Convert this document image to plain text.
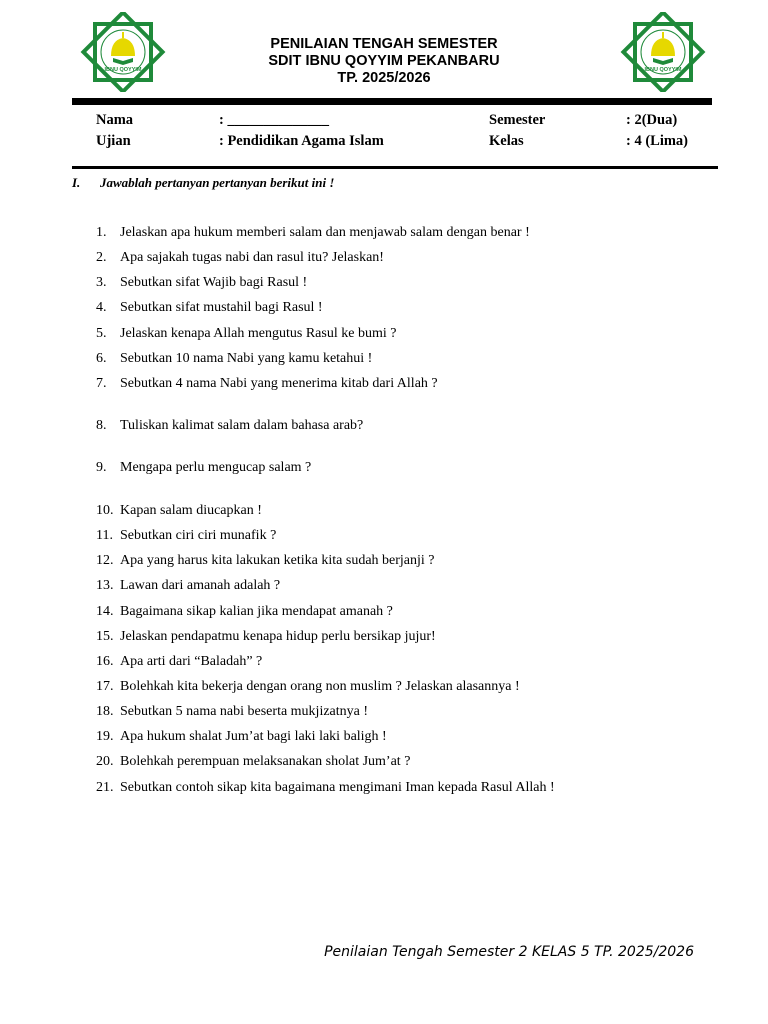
IBNU QOYYIM	IBNU QOYYIM
PENILAIAN TENGAH SEMESTER
SDIT IBNU QOYYIM PEKANBARU
TP. 2025/2026
Nama	: ______________
Ujian	: Pendidikan Agama Islam
Semester	: 2(Dua)
Kelas	: 4 (Lima)
I. Jawablah pertanyan pertanyan berikut ini !
1. Jelaskan apa hukum memberi salam dan menjawab salam dengan benar !
2. Apa sajakah tugas nabi dan rasul itu? Jelaskan!
3. Sebutkan sifat Wajib bagi Rasul !
4. Sebutkan sifat mustahil bagi Rasul !
5. Jelaskan kenapa Allah mengutus Rasul ke bumi ?
6. Sebutkan 10 nama Nabi yang kamu ketahui !
7. Sebutkan 4 nama Nabi yang menerima kitab dari Allah ?
8. Tuliskan kalimat salam dalam bahasa arab?
9. Mengapa perlu mengucap salam ?
10. Kapan salam diucapkan !
11. Sebutkan ciri ciri munafik ?
12. Apa yang harus kita lakukan ketika kita sudah berjanji ?
13. Lawan dari amanah adalah ?
14. Bagaimana sikap kalian jika mendapat amanah ?
15. Jelaskan pendapatmu kenapa hidup perlu bersikap jujur!
16. Apa arti dari “Baladah” ?
17. Bolehkah kita bekerja dengan orang non muslim ? Jelaskan alasannya !
18. Sebutkan 5 nama nabi beserta mukjizatnya !
19. Apa hukum shalat Jum’at bagi laki laki baligh !
20. Bolehkah perempuan melaksanakan sholat Jum’at ?
21. Sebutkan contoh sikap kita bagaimana mengimani Iman kepada Rasul Allah !
Penilaian Tengah Semester 2 KELAS 5 TP. 2025/2026
